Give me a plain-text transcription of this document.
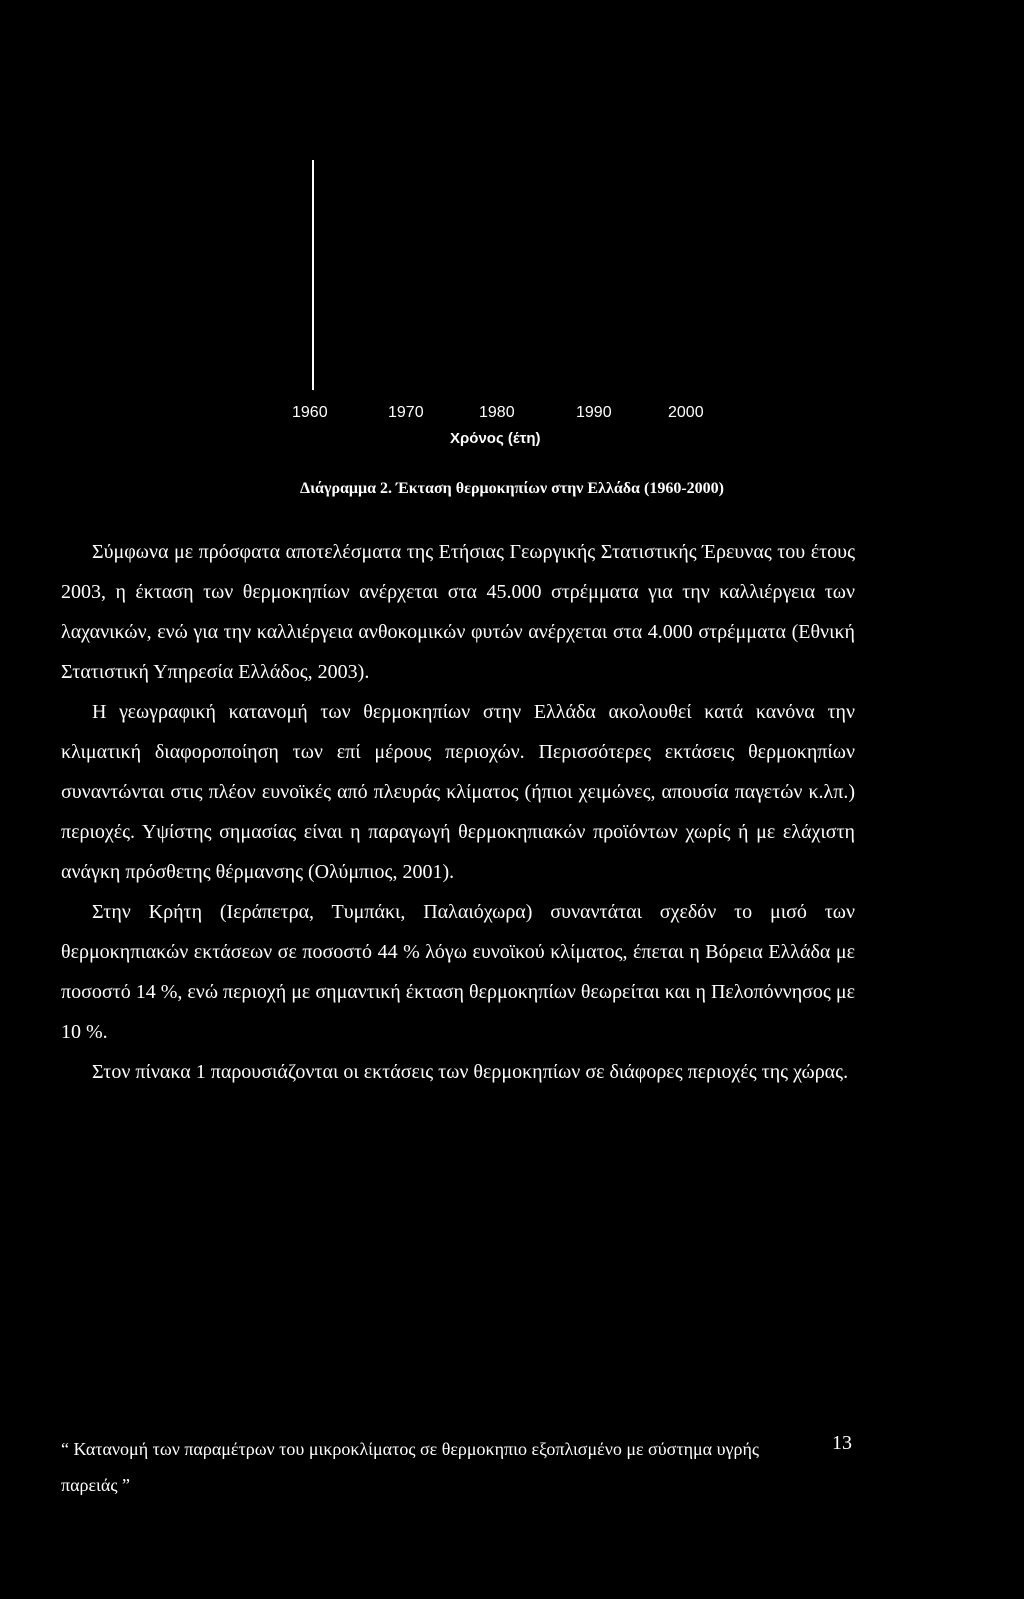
1960	1970	1980	1990	2000
Χρόνος (έτη)
Διάγραμμα 2. Έκταση θερμοκηπίων στην Ελλάδα (1960-2000)

Σύμφωνα με πρόσφατα αποτελέσματα της Ετήσιας Γεωργικής Στατιστικής Έρευνας του έτους 2003, η έκταση των θερμοκηπίων ανέρχεται στα 45.000 στρέμματα για την καλλιέργεια των λαχανικών, ενώ για την καλλιέργεια ανθοκομικών φυτών ανέρχεται στα 4.000 στρέμματα (Εθνική Στατιστική Υπηρεσία Ελλάδος, 2003).

Η γεωγραφική κατανομή των θερμοκηπίων στην Ελλάδα ακολουθεί κατά κανόνα την κλιματική διαφοροποίηση των επί μέρους περιοχών. Περισσότερες εκτάσεις θερμοκηπίων συναντώνται στις πλέον ευνοϊκές από πλευράς κλίματος (ήπιοι χειμώνες, απουσία παγετών κ.λπ.) περιοχές. Υψίστης σημασίας είναι η παραγωγή θερμοκηπιακών προϊόντων χωρίς ή με ελάχιστη ανάγκη πρόσθετης θέρμανσης (Ολύμπιος, 2001).

Στην Κρήτη (Ιεράπετρα, Τυμπάκι, Παλαιόχωρα) συναντάται σχεδόν το μισό των θερμοκηπιακών εκτάσεων σε ποσοστό 44 % λόγω ευνοϊκού κλίματος, έπεται η Βόρεια Ελλάδα με ποσοστό 14 %, ενώ περιοχή με σημαντική έκταση θερμοκηπίων θεωρείται και η Πελοπόννησος με 10 %.

Στον πίνακα 1 παρουσιάζονται οι εκτάσεις των θερμοκηπίων σε διάφορες περιοχές της χώρας.

“ Κατανομή των παραμέτρων του μικροκλίματος σε θερμοκηπιο εξοπλισμένο με σύστημα υγρής παρειάς ”
13
